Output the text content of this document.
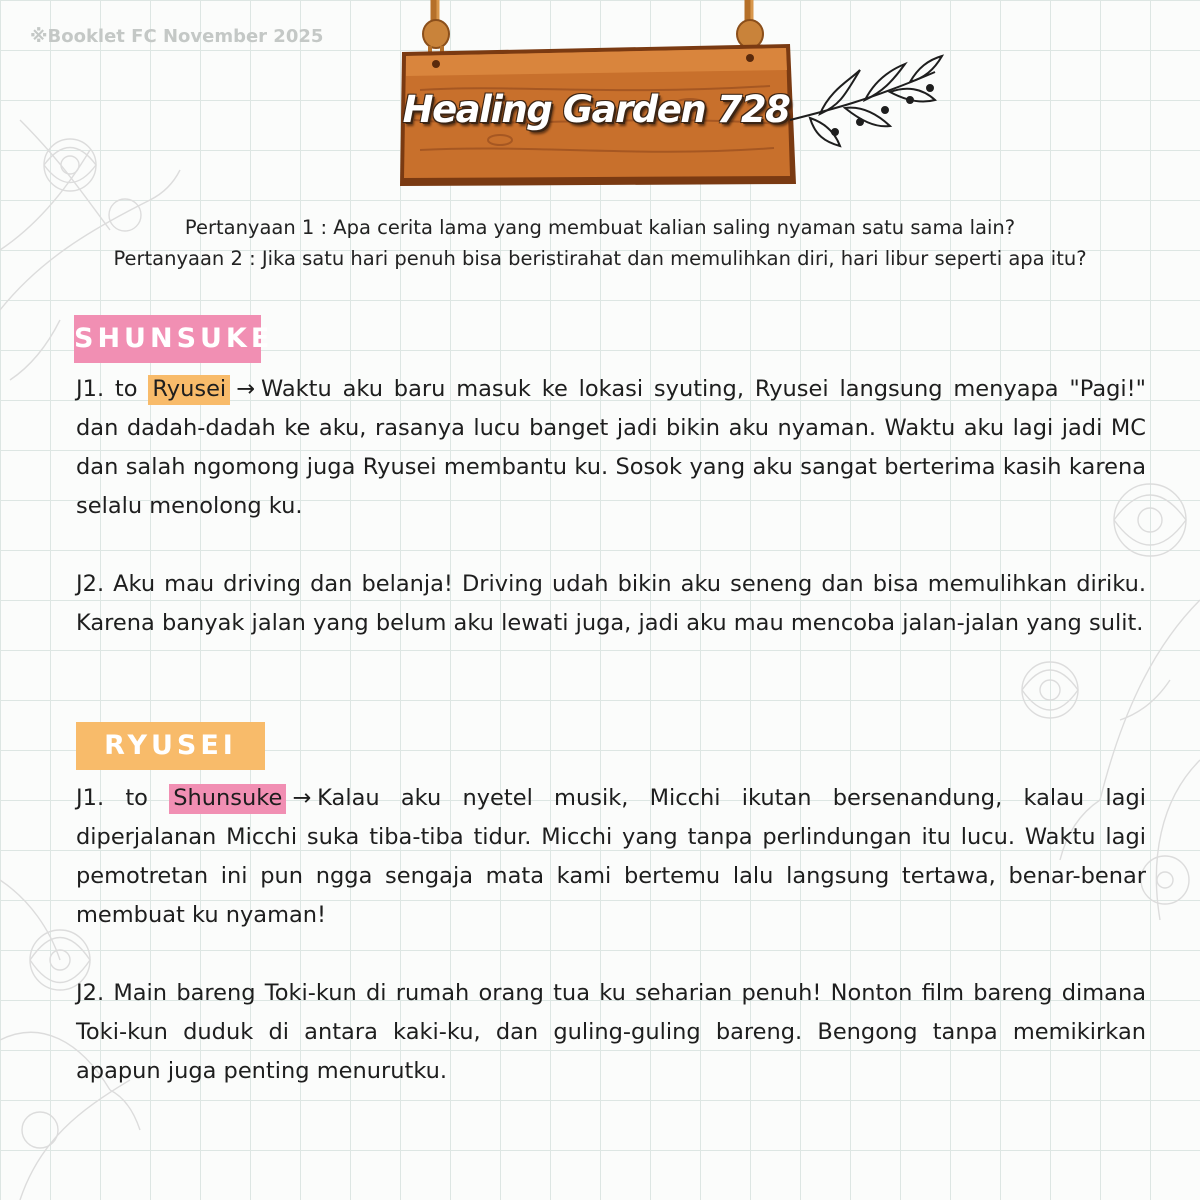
※Booklet FC November 2025
Healing Garden 728
Pertanyaan 1 : Apa cerita lama yang membuat kalian saling nyaman satu sama lain?
Pertanyaan 2 : Jika satu hari penuh bisa beristirahat dan memulihkan diri, hari libur seperti apa itu?
SHUNSUKE

J1. to Ryusei → Waktu aku baru masuk ke lokasi syuting, Ryusei langsung menyapa "Pagi!" dan dadah-dadah ke aku, rasanya lucu banget jadi bikin aku nyaman. Waktu aku lagi jadi MC dan salah ngomong juga Ryusei membantu ku. Sosok yang aku sangat berterima kasih karena selalu menolong ku.

J2. Aku mau driving dan belanja! Driving udah bikin aku seneng dan bisa memulihkan diriku. Karena banyak jalan yang belum aku lewati juga, jadi aku mau mencoba jalan-jalan yang sulit.

RYUSEI

J1. to Shunsuke → Kalau aku nyetel musik, Micchi ikutan bersenandung, kalau lagi diperjalanan Micchi suka tiba-tiba tidur. Micchi yang tanpa perlindungan itu lucu. Waktu lagi pemotretan ini pun ngga sengaja mata kami bertemu lalu langsung tertawa, benar-benar membuat ku nyaman!

J2. Main bareng Toki-kun di rumah orang tua ku seharian penuh! Nonton film bareng dimana Toki-kun duduk di antara kaki-ku, dan guling-guling bareng. Bengong tanpa memikirkan apapun juga penting menurutku.
